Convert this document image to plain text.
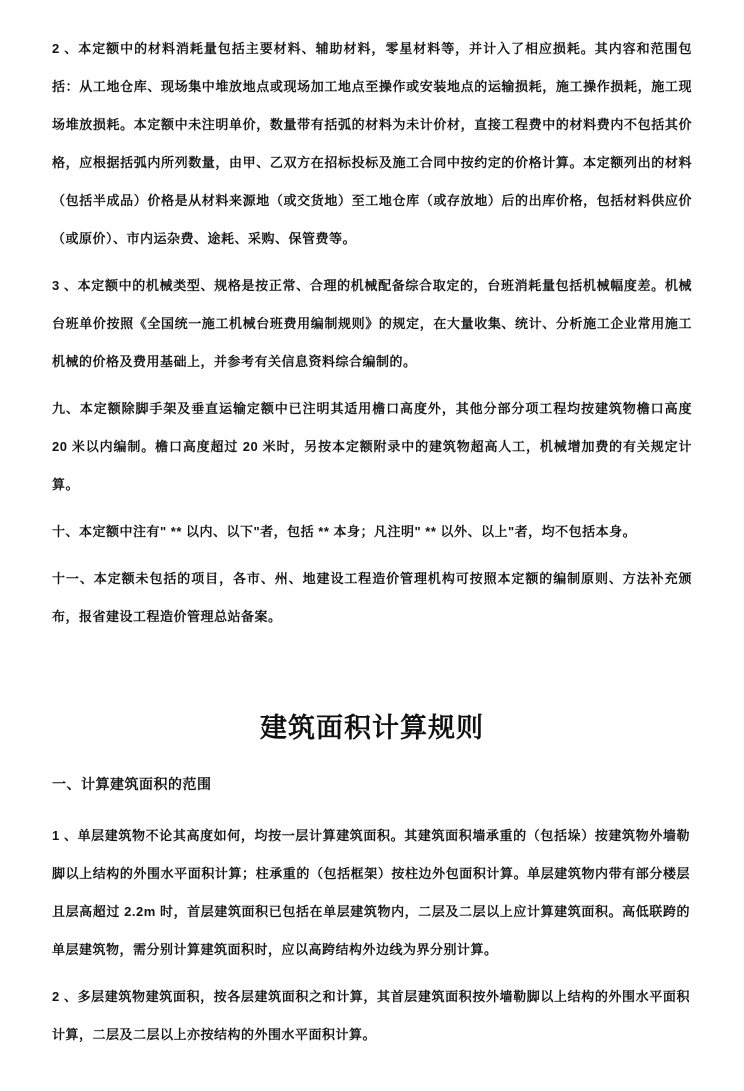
2 、本定额中的材料消耗量包括主要材料、辅助材料，零星材料等，并计入了相应损耗。其内容和范围包括：从工地仓库、现场集中堆放地点或现场加工地点至操作或安装地点的运输损耗，施工操作损耗，施工现场堆放损耗。本定额中未注明单价，数量带有括弧的材料为未计价材，直接工程费中的材料费内不包括其价格，应根据括弧内所列数量，由甲、乙双方在招标投标及施工合同中按约定的价格计算。本定额列出的材料（包括半成品）价格是从材料来源地（或交货地）至工地仓库（或存放地）后的出库价格，包括材料供应价（或原价）、市内运杂费、途耗、采购、保管费等。

3 、本定额中的机械类型、规格是按正常、合理的机械配备综合取定的，台班消耗量包括机械幅度差。机械台班单价按照《全国统一施工机械台班费用编制规则》的规定，在大量收集、统计、分析施工企业常用施工机械的价格及费用基础上，并参考有关信息资料综合编制的。

九、本定额除脚手架及垂直运输定额中已注明其适用檐口高度外，其他分部分项工程均按建筑物檐口高度 20 米以内编制。檐口高度超过 20 米时，另按本定额附录中的建筑物超高人工，机械增加费的有关规定计算。

十、本定额中注有" ** 以内、以下"者，包括 ** 本身；凡注明" ** 以外、以上"者，均不包括本身。

十一、本定额未包括的项目，各市、州、地建设工程造价管理机构可按照本定额的编制原则、方法补充颁布，报省建设工程造价管理总站备案。

建筑面积计算规则
一、计算建筑面积的范围

1 、单层建筑物不论其高度如何，均按一层计算建筑面积。其建筑面积墙承重的（包括垛）按建筑物外墙勒脚以上结构的外围水平面积计算；柱承重的（包括框架）按柱边外包面积计算。单层建筑物内带有部分楼层且层高超过 2.2m 时，首层建筑面积已包括在单层建筑物内，二层及二层以上应计算建筑面积。高低联跨的单层建筑物，需分别计算建筑面积时，应以高跨结构外边线为界分别计算。

2 、多层建筑物建筑面积，按各层建筑面积之和计算，其首层建筑面积按外墙勒脚以上结构的外围水平面积计算，二层及二层以上亦按结构的外围水平面积计算。
